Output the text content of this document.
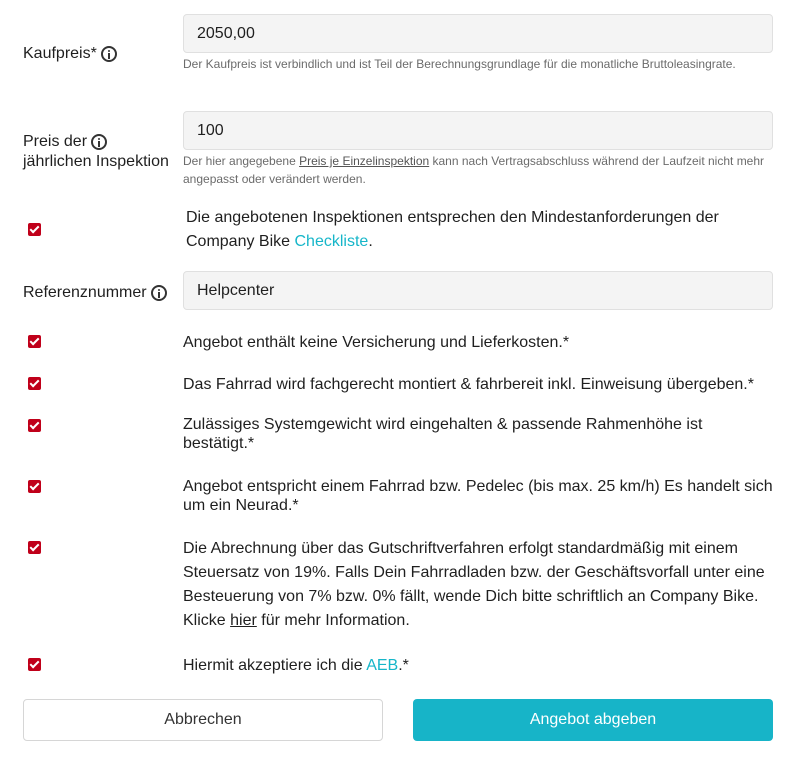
Kaufpreis*
2050,00
Der Kaufpreis ist verbindlich und ist Teil der Berechnungsgrundlage für die monatliche Bruttoleasingrate.
Preis der
jährlichen Inspektion
100 Der hier angegebene Preis je Einzelinspektion kann nach Vertragsabschluss während der Laufzeit nicht mehr angepasst oder verändert werden.
Die angebotenen Inspektionen entsprechen den Mindestanforderungen der Company Bike Checkliste.
Referenznummer
Helpcenter
Angebot enthält keine Versicherung und Lieferkosten.*
Das Fahrrad wird fachgerecht montiert & fahrbereit inkl. Einweisung übergeben.*
Zulässiges Systemgewicht wird eingehalten & passende Rahmenhöhe ist bestätigt.*
Angebot entspricht einem Fahrrad bzw. Pedelec (bis max. 25 km/h) Es handelt sich um ein Neurad.*
Die Abrechnung über das Gutschriftverfahren erfolgt standardmäßig mit einem Steuersatz von 19%. Falls Dein Fahrradladen bzw. der Geschäftsvorfall unter eine Besteuerung von 7% bzw. 0% fällt, wende Dich bitte schriftlich an Company Bike. Klicke hier für mehr Information.
Hiermit akzeptiere ich die AEB.*
Abbrechen	Angebot abgeben
